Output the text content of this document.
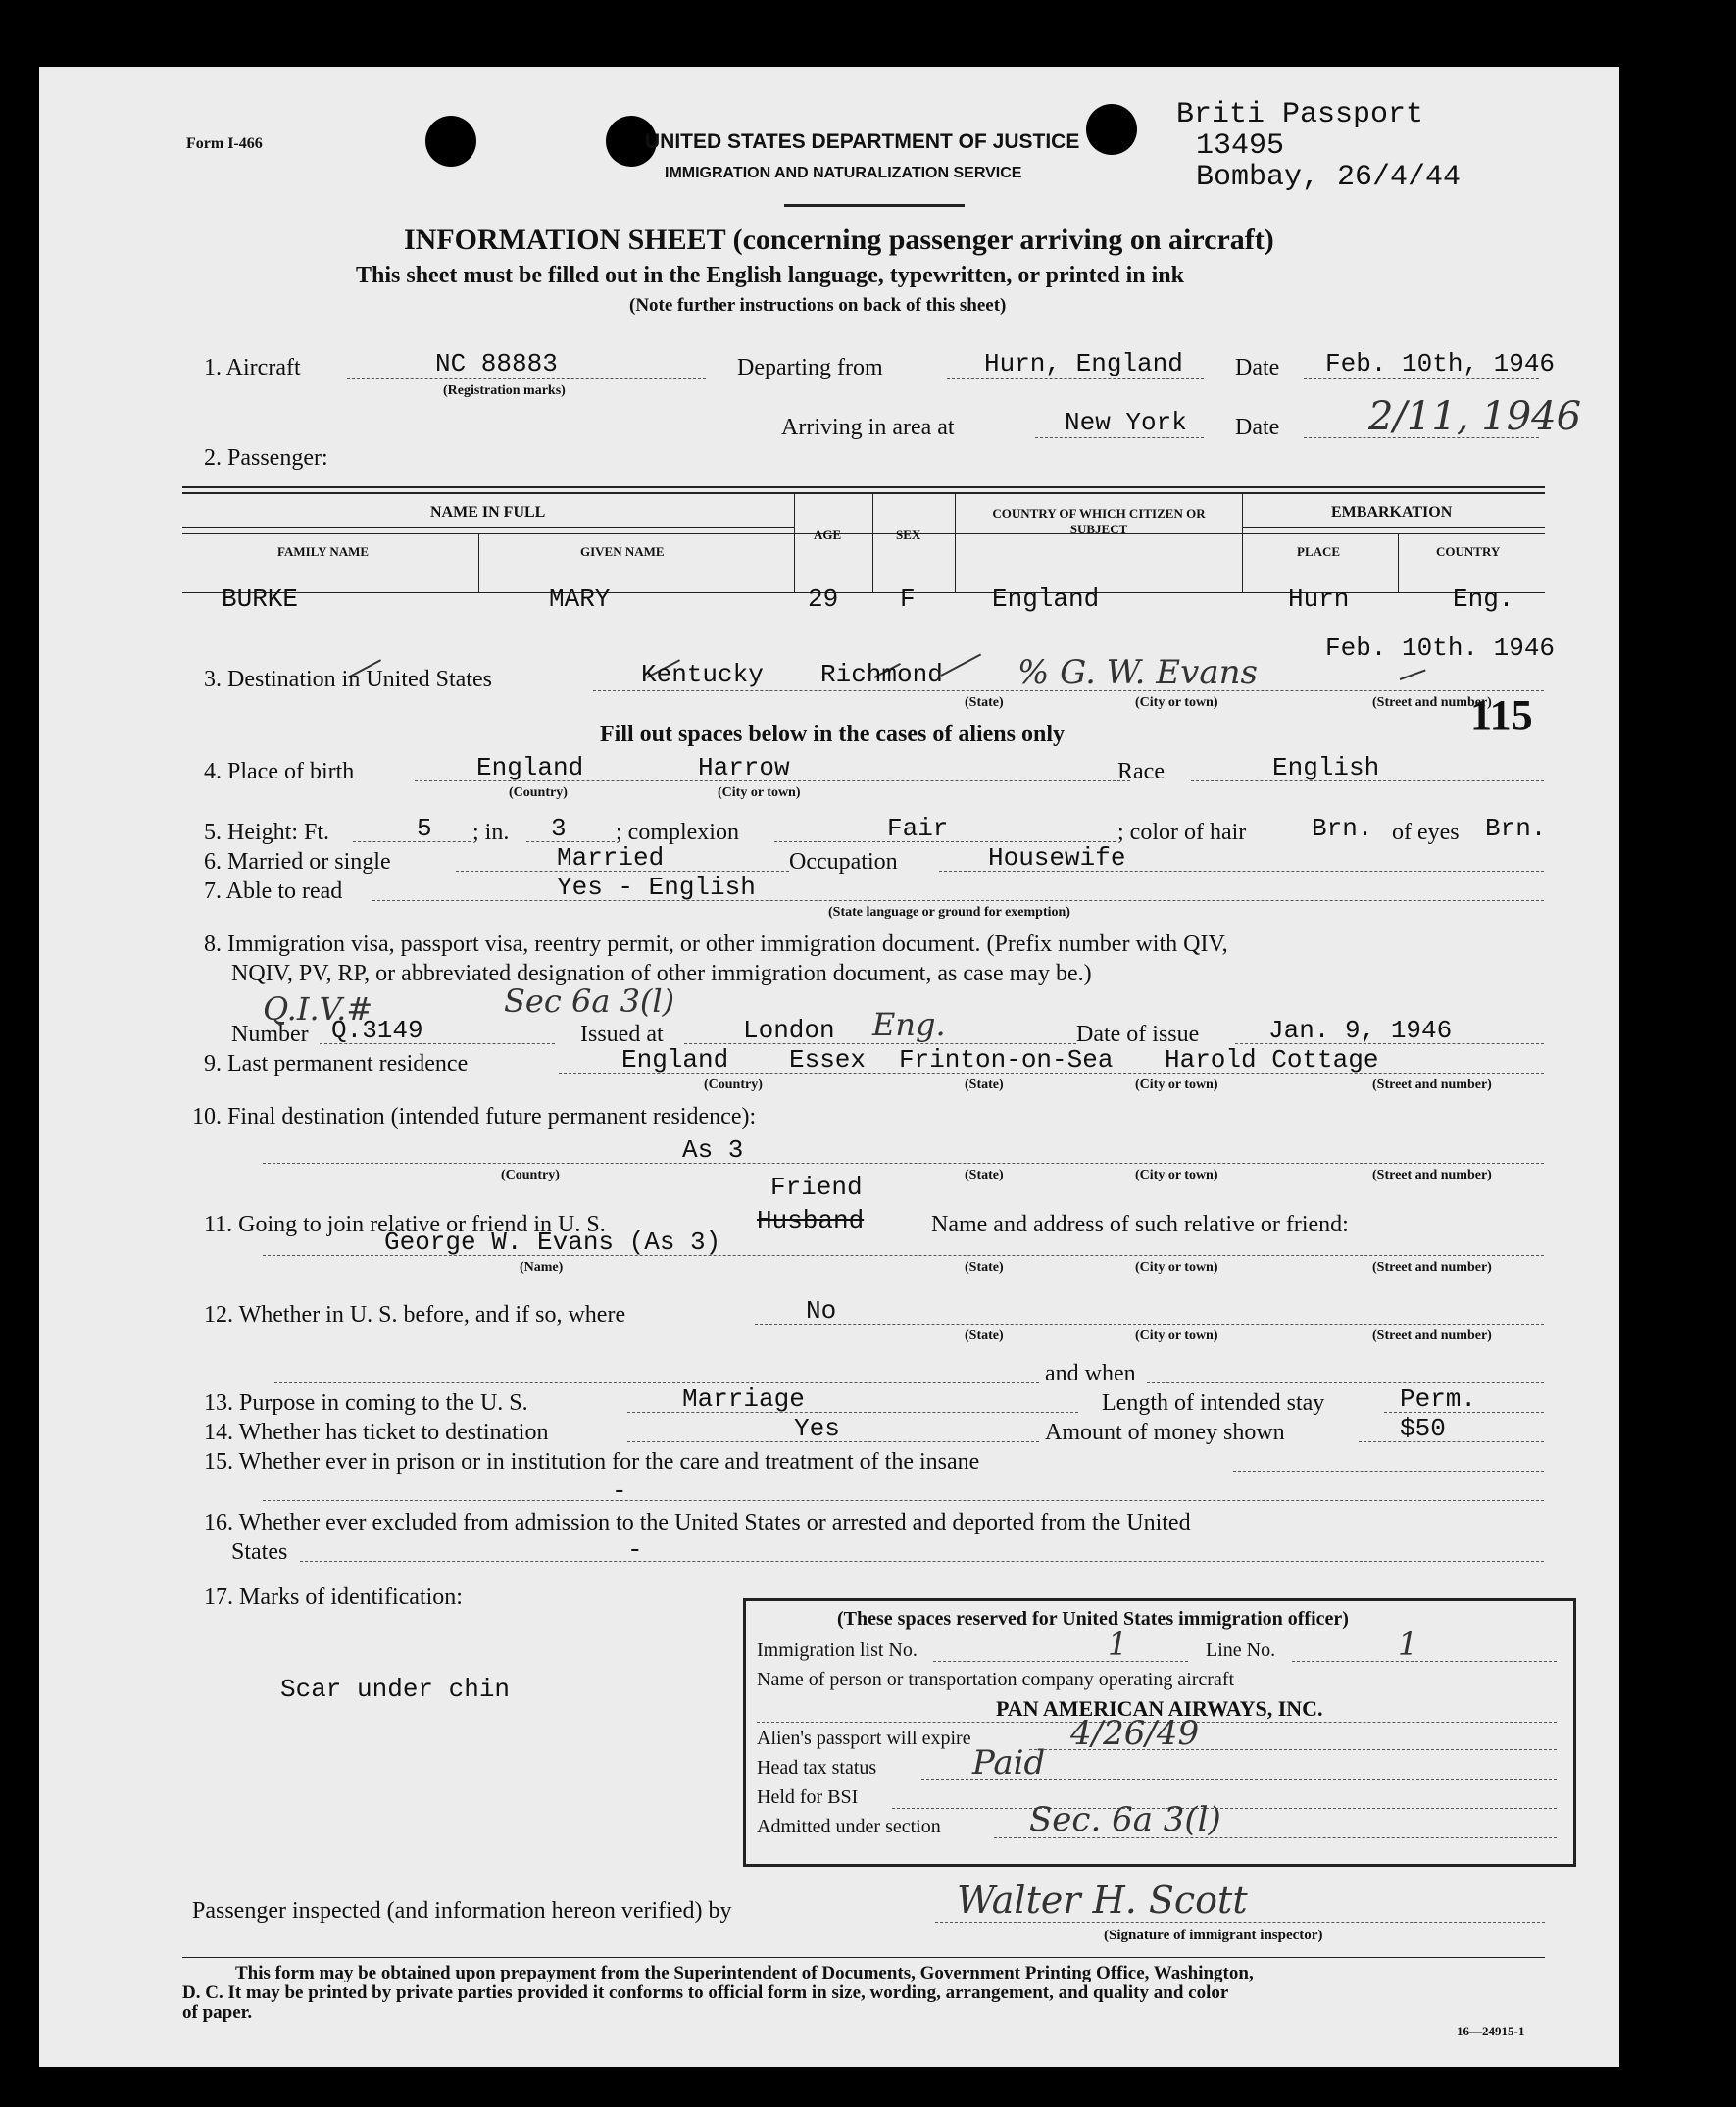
Form I-466	UNITED STATES DEPARTMENT OF JUSTICE
IMMIGRATION AND NATURALIZATION SERVICE
Briti Passport
13495
Bombay, 26/4/44
INFORMATION SHEET (concerning passenger arriving on aircraft)
This sheet must be filled out in the English language, typewritten, or printed in ink
(Note further instructions on back of this sheet)
1. Aircraft	NC 88883
(Registration marks)
Departing from	Hurn, England Date Feb. 10th, 1946
Arriving in area at	New York Date 2/11, 1946
2. Passenger:
NAME IN FULL
FAMILY NAME	GIVEN NAME
AGE	SEX
COUNTRY OF WHICH CITIZEN OR SUBJECT
EMBARKATION
PLACE	COUNTRY
BURKE	MARY	29 F	England	Hurn	Eng.
Feb. 10th. 1946
3. Destination in United States	Kentucky Richmond % G. W. Evans
(State)	(City or town)	(Street and number)
115
Fill out spaces below in the cases of aliens only
4. Place of birth	England	Harrow
(Country)	(City or town)
Race	English
5. Height: Ft.	5 ; in. 3 ; complexion	Fair	; color of hair	Brn. of eyes Brn.
6. Married or single	Married	Occupation	Housewife
7. Able to read	Yes - English
(State language or ground for exemption)
8. Immigration visa, passport visa, reentry permit, or other immigration document. (Prefix number with QIV,
NQIV, PV, RP, or abbreviated designation of other immigration document, as case may be.)
Q.I.V.#	Sec 6a 3(l)
Number Q.3149	Issued at	London Eng.	Date of issue	Jan. 9, 1946
9. Last permanent residence	England Essex Frinton-on-Sea Harold Cottage
(Country)	(State)	(City or town)	(Street and number)
10. Final destination (intended future permanent residence):
As 3
(Country)	(State)	(City or town)	(Street and number)
Friend
11. Going to join relative or friend in U. S.	Husband	Name and address of such relative or friend:
George W. Evans (As 3)
(Name)	(State)	(City or town)	(Street and number)
12. Whether in U. S. before, and if so, where	No
(State)	(City or town)	(Street and number)
and when
13. Purpose in coming to the U. S.	Marriage	Length of intended stay	Perm.
14. Whether has ticket to destination	Yes	Amount of money shown	$50
15. Whether ever in prison or in institution for the care and treatment of the insane
-
16. Whether ever excluded from admission to the United States or arrested and deported from the United
States	-
17. Marks of identification:
Scar under chin
(These spaces reserved for United States immigration officer)
Immigration list No.	1	Line No.	1
Name of person or transportation company operating aircraft
PAN AMERICAN AIRWAYS, INC.
Alien's passport will expire	4/26/49
Head tax status	Paid
Held for BSI
Admitted under section	Sec. 6a 3(l)
Passenger inspected (and information hereon verified) by	Walter H. Scott
(Signature of immigrant inspector)
This form may be obtained upon prepayment from the Superintendent of Documents, Government Printing Office, Washington,
D. C. It may be printed by private parties provided it conforms to official form in size, wording, arrangement, and quality and color
of paper.
16—24915-1
